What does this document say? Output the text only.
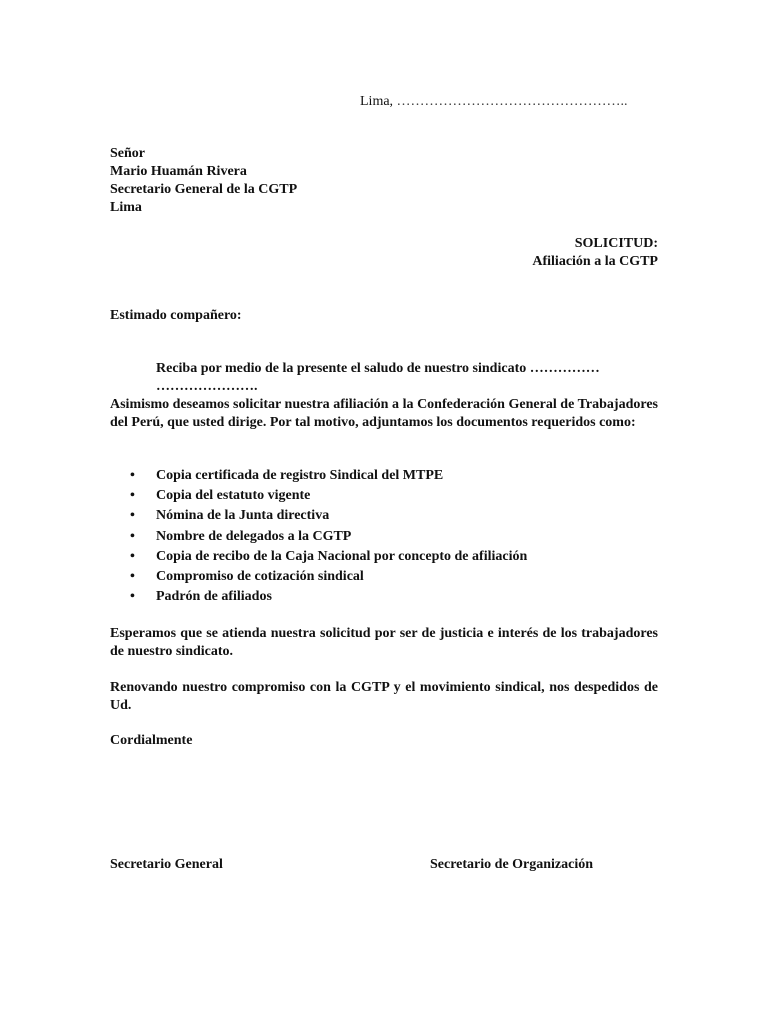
Lima, …………………………………………..
Señor
Mario Huamán Rivera
Secretario General de la CGTP
Lima
SOLICITUD:
Afiliación a la CGTP
Estimado compañero:
Reciba por medio de la presente el saludo de nuestro sindicato ……………
………………….
Asimismo deseamos solicitar nuestra afiliación a la Confederación General de Trabajadores del Perú, que usted dirige. Por tal motivo, adjuntamos los documentos requeridos como:
• Copia certificada de registro Sindical del MTPE
• Copia del estatuto vigente
• Nómina de la Junta directiva
• Nombre de delegados a la CGTP
• Copia de recibo de la Caja Nacional por concepto de afiliación
• Compromiso de cotización sindical
• Padrón de afiliados
Esperamos que se atienda nuestra solicitud por ser de justicia e interés de los trabajadores de nuestro sindicato.
Renovando nuestro compromiso con la CGTP y el movimiento sindical, nos despedidos de Ud.
Cordialmente
Secretario General	Secretario de Organización
